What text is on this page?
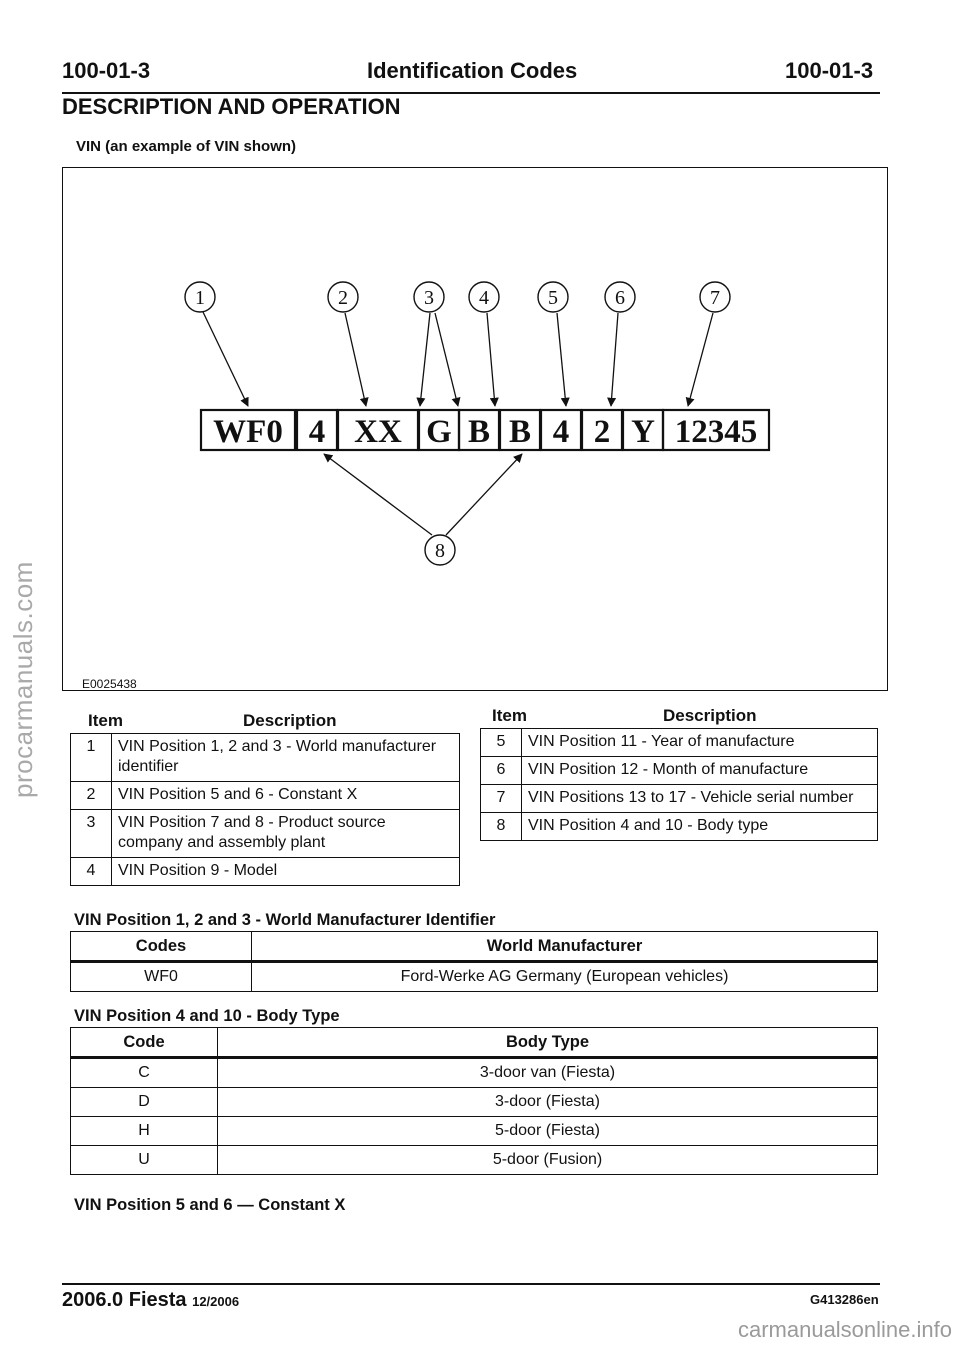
100-01-3	Identification Codes	100-01-3
DESCRIPTION AND OPERATION
VIN (an example of VIN shown)
WF0 4 XX G B B 4 2 Y 12345
1	2	3 4	5	6	7
8
E0025438
Item	Description	Item	Description
1	VIN Position 1, 2 and 3 - World manufacturer identifier
2	VIN Position 5 and 6 - Constant X
3	VIN Position 7 and 8 - Product source company and assembly plant
4	VIN Position 9 - Model
5	VIN Position 11 - Year of manufacture
6	VIN Position 12 - Month of manufacture
7	VIN Positions 13 to 17 - Vehicle serial number
8	VIN Position 4 and 10 - Body type
VIN Position 1, 2 and 3 - World Manufacturer Identifier
Codes	World Manufacturer
WF0	Ford-Werke AG Germany (European vehicles)
VIN Position 4 and 10 - Body Type
Code	Body Type
C	3-door van (Fiesta)
D	3-door (Fiesta)
H	5-door (Fiesta)
U	5-door (Fusion)
VIN Position 5 and 6 — Constant X
2006.0 Fiesta 12/2006	G413286en
procarmanuals.com
carmanualsonline.info
